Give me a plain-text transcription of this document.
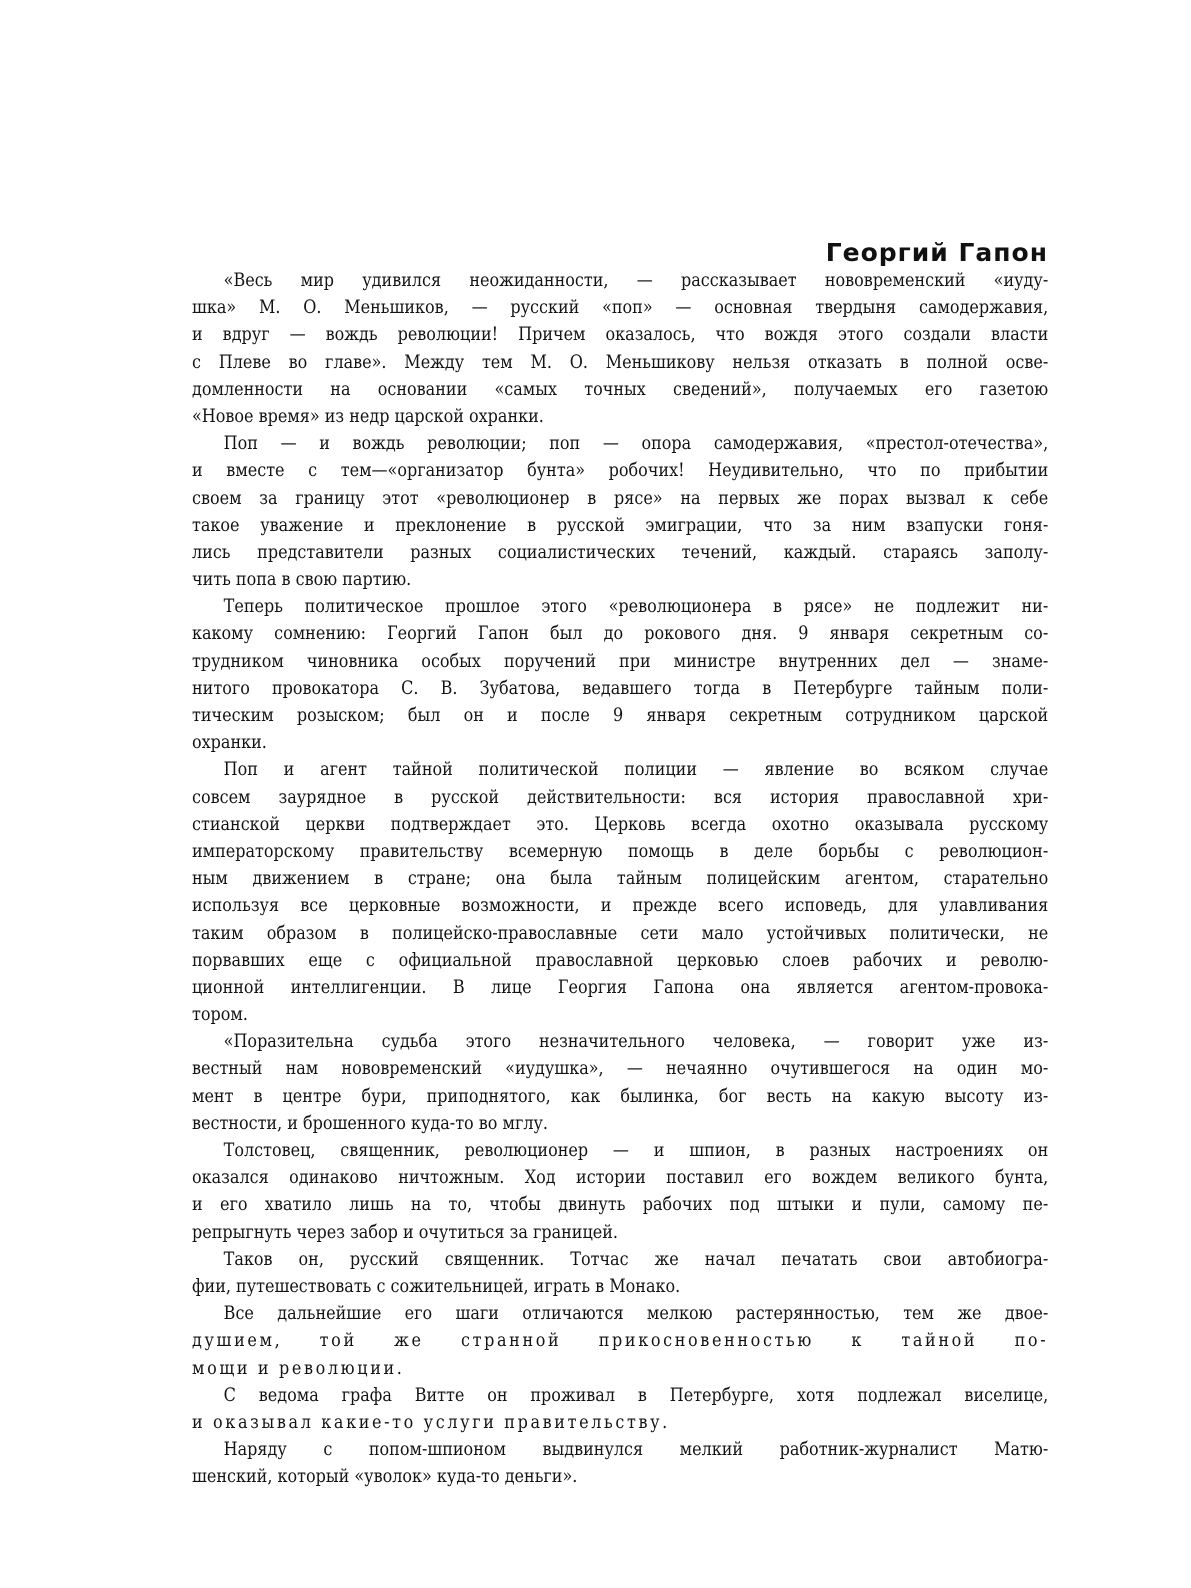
Георгий Гапон
«Весь мир удивился неожиданности, — рассказывает нововременский «иуду-
шка» М. О. Меньшиков, — русский «поп» — основная твердыня самодержавия,
и вдруг — вождь революции! Причем оказалось, что вождя этого создали власти
с Плеве во главе». Между тем М. О. Меньшикову нельзя отказать в полной осве-
домленности на основании «самых точных сведений», получаемых его газетою
«Новое время» из недр царской охранки.
Поп — и вождь революции; поп — опора самодержавия, «престол-отечества»,
и вместе с тем—«организатор бунта» робочих! Неудивительно, что по прибытии
своем за границу этот «революционер в рясе» на первых же порах вызвал к себе
такое уважение и преклонение в русской эмиграции, что за ним взапуски гоня-
лись представители разных социалистических течений, каждый. стараясь заполу-
чить попа в свою партию.
Теперь политическое прошлое этого «революционера в рясе» не подлежит ни-
какому сомнению: Георгий Гапон был до рокового дня. 9 января секретным со-
трудником чиновника особых поручений при министре внутренних дел — знаме-
нитого провокатора С. В. Зубатова, ведавшего тогда в Петербурге тайным поли-
тическим розыском; был он и после 9 января секретным сотрудником царской
охранки.
Поп и агент тайной политической полиции — явление во всяком случае
совсем заурядное в русской действительности: вся история православной хри-
стианской церкви подтверждает это. Церковь всегда охотно оказывала русскому
императорскому правительству всемерную помощь в деле борьбы с революцион-
ным движением в стране; она была тайным полицейским агентом, старательно
используя все церковные возможности, и прежде всего исповедь, для улавливания
таким образом в полицейско-православные сети мало устойчивых политически, не
порвавших еще с официальной православной церковью слоев рабочих и револю-
ционной интеллигенции. В лице Георгия Гапона она является агентом-провока-
тором.
«Поразительна судьба этого незначительного человека, — говорит уже из-
вестный нам нововременский «иудушка», — нечаянно очутившегося на один мо-
мент в центре бури, приподнятого, как былинка, бог весть на какую высоту из-
вестности, и брошенного куда-то во мглу.
Толстовец, священник, революционер — и шпион, в разных настроениях он
оказался одинаково ничтожным. Ход истории поставил его вождем великого бунта,
и его хватило лишь на то, чтобы двинуть рабочих под штыки и пули, самому пе-
репрыгнуть через забор и очутиться за границей.
Таков он, русский священник. Тотчас же начал печатать свои автобиогра-
фии, путешествовать с сожительницей, играть в Монако.
Все дальнейшие его шаги отличаются мелкою растерянностью, тем же двое-
душием, той же странной прикосновенностью к тайной по-
мощи и революции.
С ведома графа Витте он проживал в Петербурге, хотя подлежал виселице,
и оказывал какие-то услуги правительству.
Наряду с попом-шпионом выдвинулся мелкий работник-журналист Матю-
шенский, который «уволок» куда-то деньги».
